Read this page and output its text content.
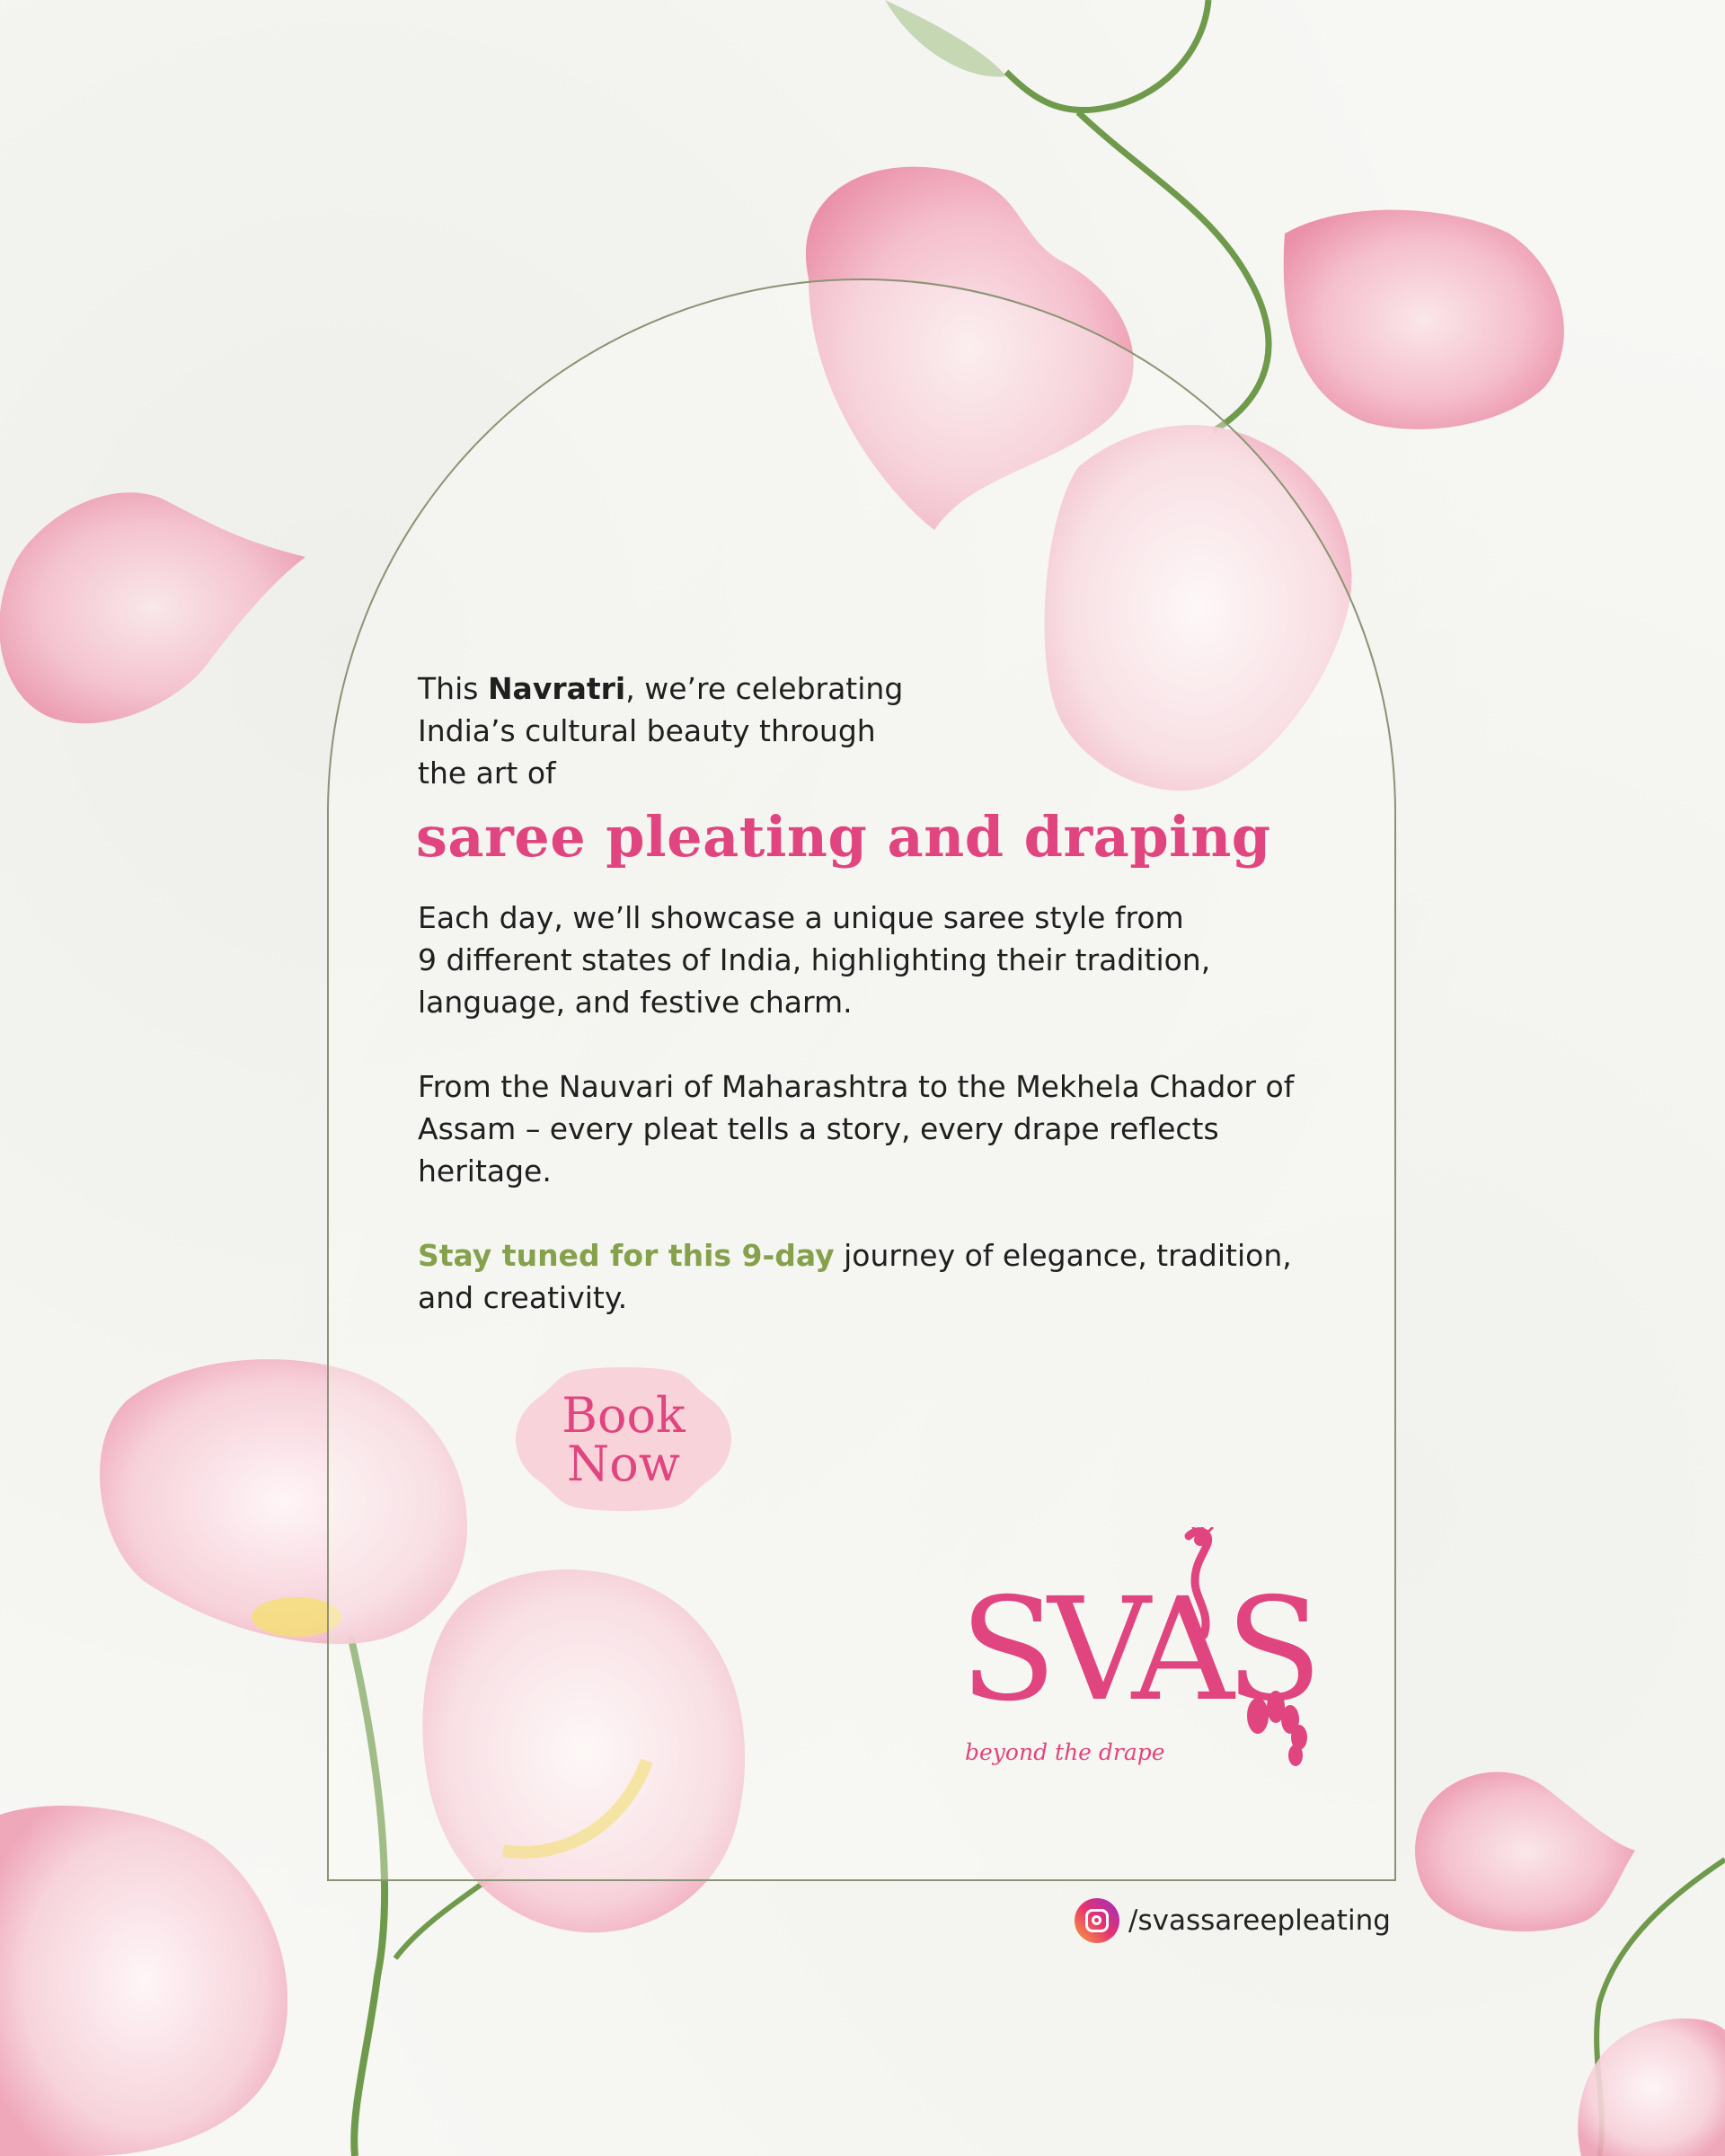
This Navratri, we’re celebrating
India’s cultural beauty through
the art of
saree pleating and draping
Each day, we’ll showcase a unique saree style from
9 different states of India, highlighting their tradition,
language, and festive charm.
From the Nauvari of Maharashtra to the Mekhela Chador of
Assam – every pleat tells a story, every drape reflects
heritage.
Stay tuned for this 9-day journey of elegance, tradition,
and creativity.
Book
Now
SVAS
beyond the drape
/svassareepleating
